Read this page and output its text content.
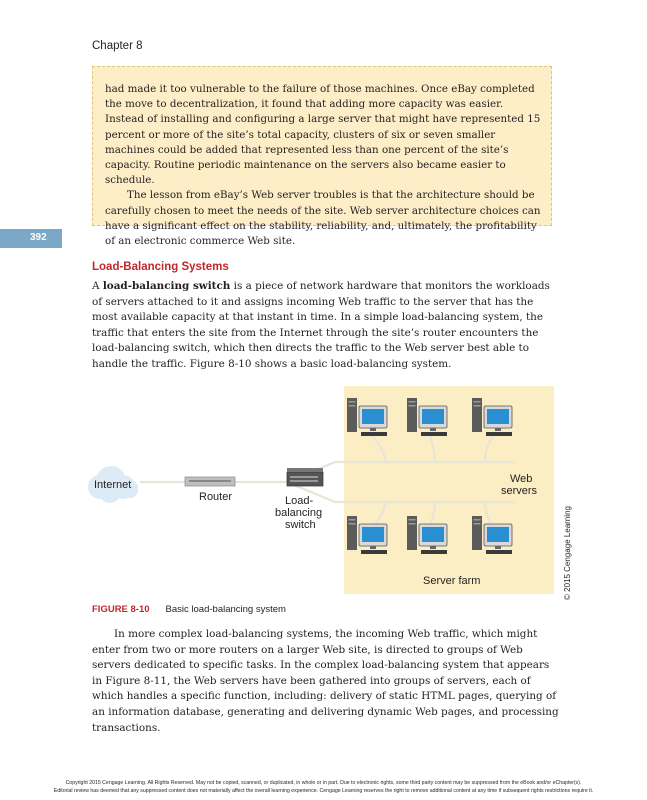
Chapter 8

had made it too vulnerable to the failure of those machines. Once eBay completed the move to decentralization, it found that adding more capacity was easier. Instead of installing and configuring a large server that might have represented 15 percent or more of the site’s total capacity, clusters of six or seven smaller machines could be added that represented less than one percent of the site’s capacity. Routine periodic maintenance on the servers also became easier to schedule.

The lesson from eBay’s Web server troubles is that the architecture should be carefully chosen to meet the needs of the site. Web server architecture choices can have a significant effect on the stability, reliability, and, ultimately, the profitability of an electronic commerce Web site.

392
Load-Balancing Systems

A load-balancing switch is a piece of network hardware that monitors the workloads of servers attached to it and assigns incoming Web traffic to the server that has the most available capacity at that instant in time. In a simple load-balancing system, the traffic that enters the site from the Internet through the site’s router encounters the load-balancing switch, which then directs the traffic to the Web server best able to handle the traffic. Figure 8-10 shows a basic load-balancing system.

Internet
Router	Load-
balancing
switch
Web
servers
Server farm	© 2015 Cengage Learning
FIGURE 8-10 Basic load-balancing system

In more complex load-balancing systems, the incoming Web traffic, which might enter from two or more routers on a larger Web site, is directed to groups of Web servers dedicated to specific tasks. In the complex load-balancing system that appears in Figure 8-11, the Web servers have been gathered into groups of servers, each of which handles a specific function, including: delivery of static HTML pages, querying of an information database, generating and delivering dynamic Web pages, and processing transactions.

Copyright 2015 Cengage Learning. All Rights Reserved. May not be copied, scanned, or duplicated, in whole or in part. Due to electronic rights, some third party content may be suppressed from the eBook and/or eChapter(s).
Editorial review has deemed that any suppressed content does not materially affect the overall learning experience. Cengage Learning reserves the right to remove additional content at any time if subsequent rights restrictions require it.
